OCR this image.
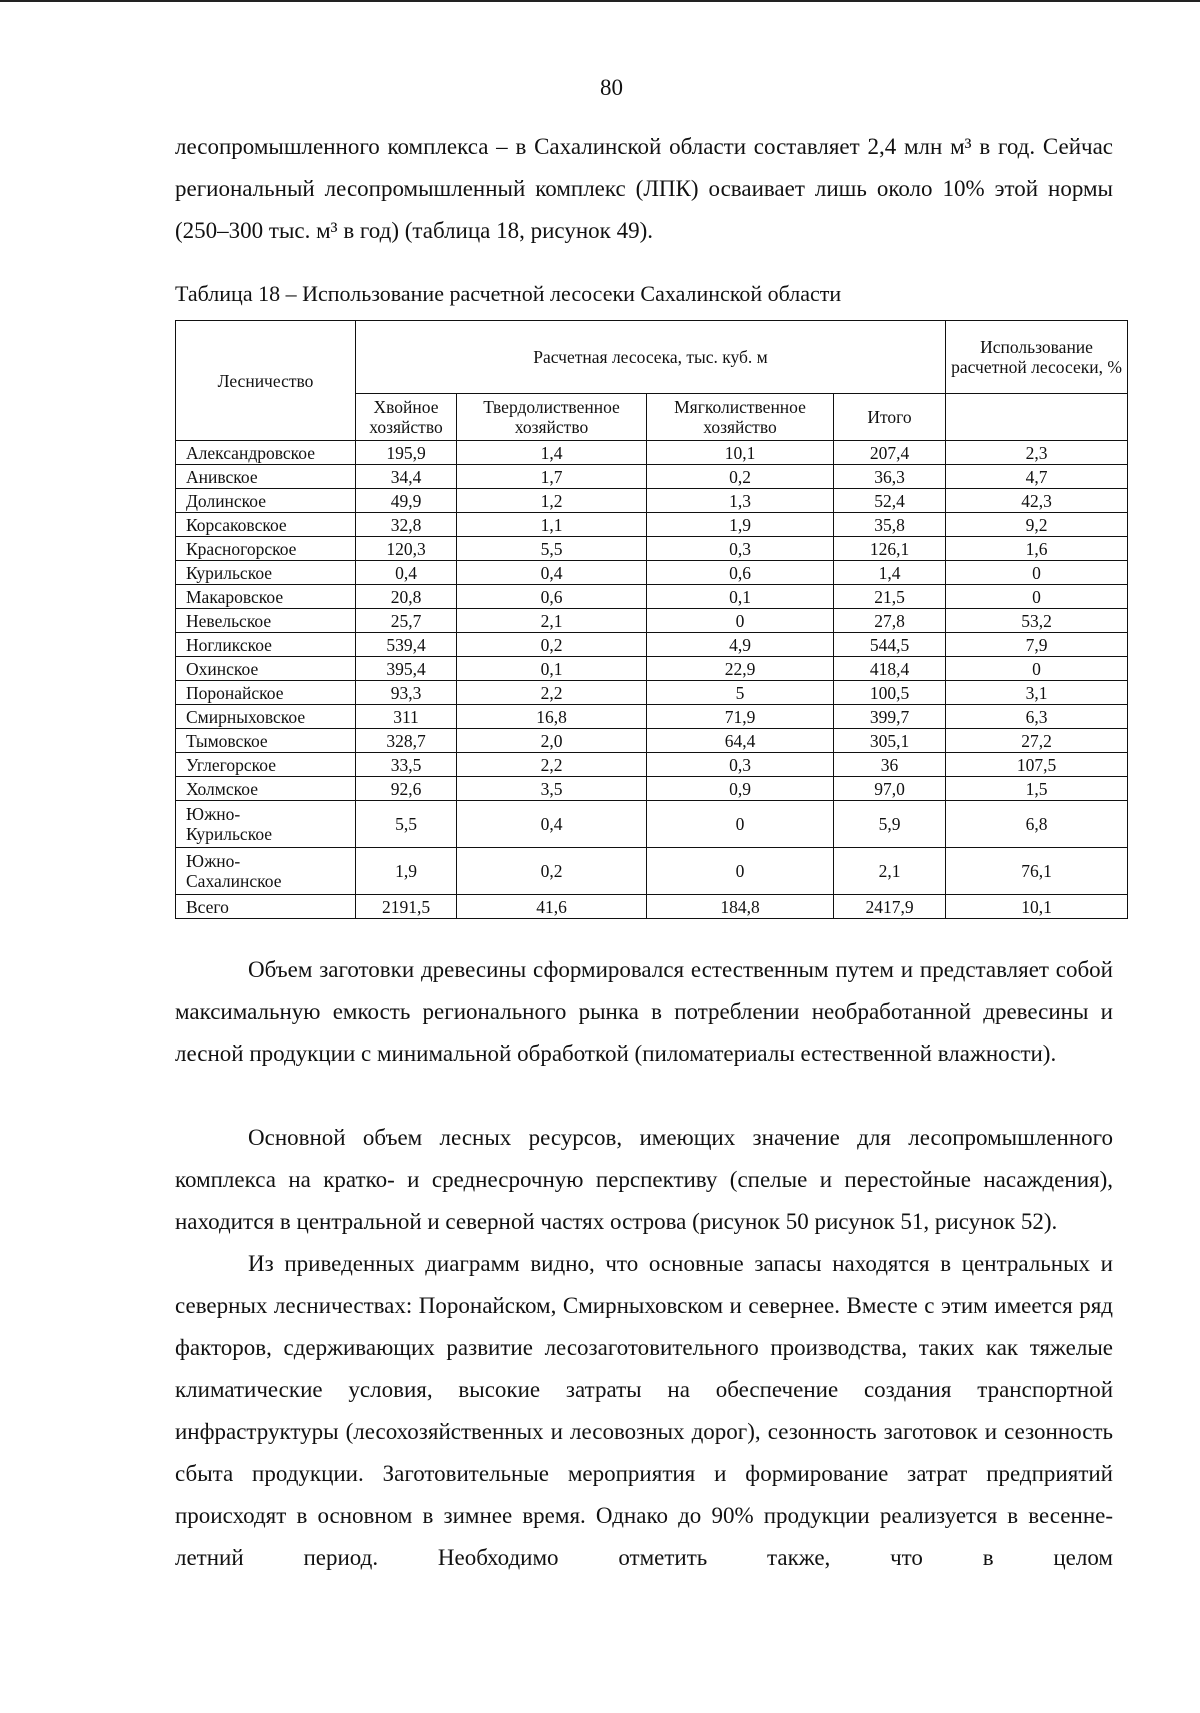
80

лесопромышленного комплекса – в Сахалинской области составляет 2,4 млн м³ в год. Сейчас региональный лесопромышленный комплекс (ЛПК) осваивает лишь около 10% этой нормы (250–300 тыс. м³ в год) (таблица 18, рисунок 49).

Таблица 18 – Использование расчетной лесосеки Сахалинской области
Лесничество	Расчетная лесосека, тыс. куб. м				Использование расчетной лесосеки, %
	Хвойное хозяйство	Твердолиственное хозяйство	Мягколиственное хозяйство	Итого	
Александровское	195,9	1,4	10,1	207,4	2,3
Анивское	34,4	1,7	0,2	36,3	4,7
Долинское	49,9	1,2	1,3	52,4	42,3
Корсаковское	32,8	1,1	1,9	35,8	9,2
Красногорское	120,3	5,5	0,3	126,1	1,6
Курильское	0,4	0,4	0,6	1,4	0
Макаровское	20,8	0,6	0,1	21,5	0
Невельское	25,7	2,1	0	27,8	53,2
Ногликское	539,4	0,2	4,9	544,5	7,9
Охинское	395,4	0,1	22,9	418,4	0
Поронайское	93,3	2,2	5	100,5	3,1
Смирныховское	311	16,8	71,9	399,7	6,3
Тымовское	328,7	2,0	64,4	305,1	27,2
Углегорское	33,5	2,2	0,3	36	107,5
Холмское	92,6	3,5	0,9	97,0	1,5
Южно-
Курильское	5,5	0,4	0	5,9	6,8
Южно-
Сахалинское	1,9	0,2	0	2,1	76,1
Всего	2191,5	41,6	184,8	2417,9	10,1

Объем заготовки древесины сформировался естественным путем и представляет собой максимальную емкость регионального рынка в потреблении необработанной древесины и лесной продукции с минимальной обработкой (пиломатериалы естественной влажности).

Основной объем лесных ресурсов, имеющих значение для лесопромышленного комплекса на кратко- и среднесрочную перспективу (спелые и перестойные насаждения), находится в центральной и северной частях острова (рисунок 50 рисунок 51, рисунок 52).

Из приведенных диаграмм видно, что основные запасы находятся в центральных и северных лесничествах: Поронайском, Смирныховском и севернее. Вместе с этим имеется ряд факторов, сдерживающих развитие лесозаготовительного производства, таких как тяжелые климатические условия, высокие затраты на обеспечение создания транспортной инфраструктуры (лесохозяйственных и лесовозных дорог), сезонность заготовок и сезонность сбыта продукции. Заготовительные мероприятия и формирование затрат предприятий происходят в основном в зимнее время. Однако до 90% продукции реализуется в весенне-летний период. Необходимо отметить также, что в целом
